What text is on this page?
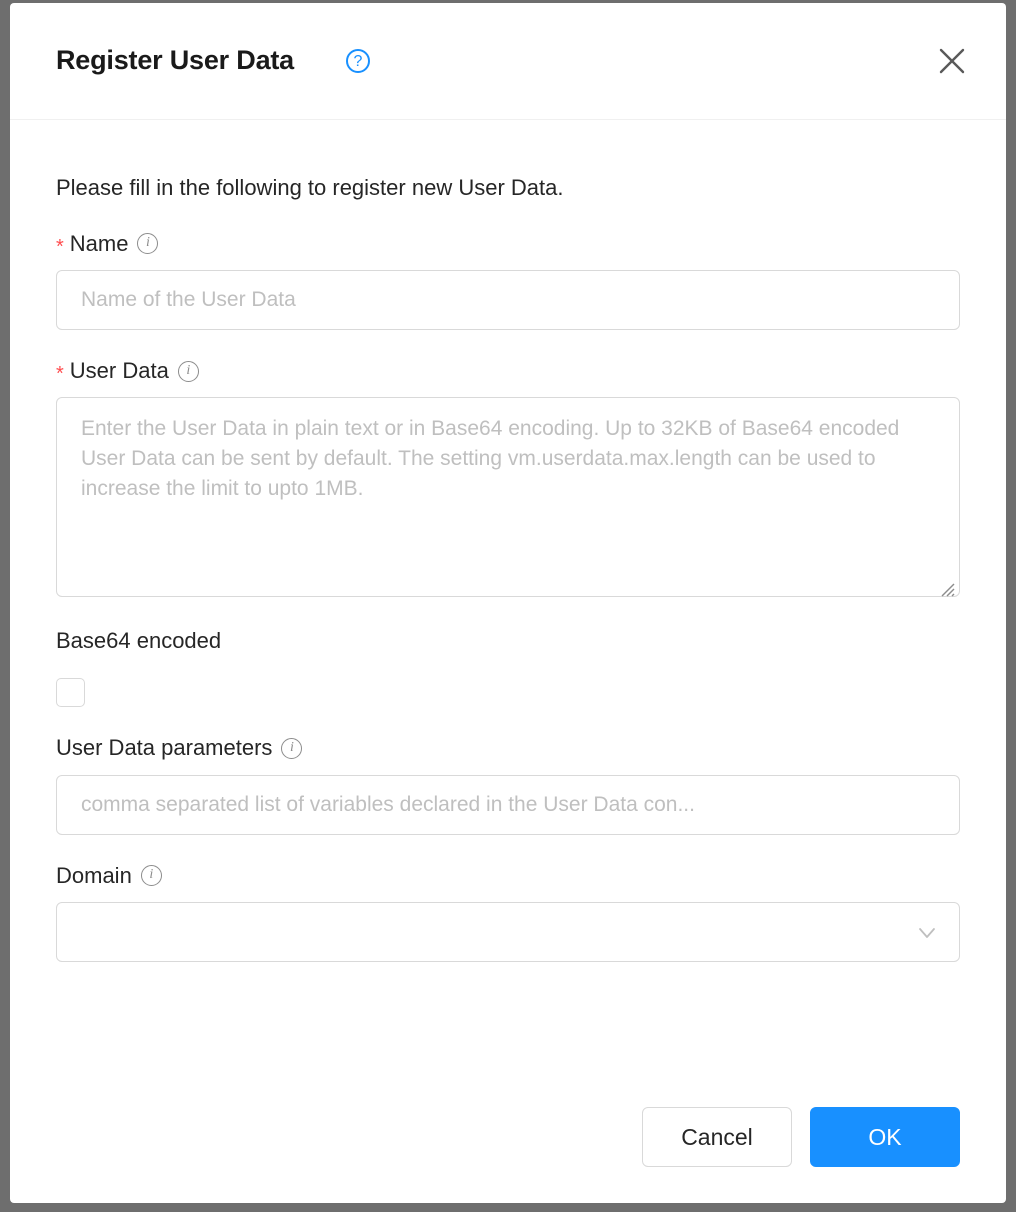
Register User Data	?
Please fill in the following to register new User Data.
* Name	i
Name of the User Data
* User Data	i
Enter the User Data in plain text or in Base64 encoding. Up to 32KB of Base64 encoded User Data can be sent by default. The setting vm.userdata.max.length can be used to increase the limit to upto 1MB.
Base64 encoded
User Data parameters	i
comma separated list of variables declared in the User Data con...
Domain	i
Cancel	OK
